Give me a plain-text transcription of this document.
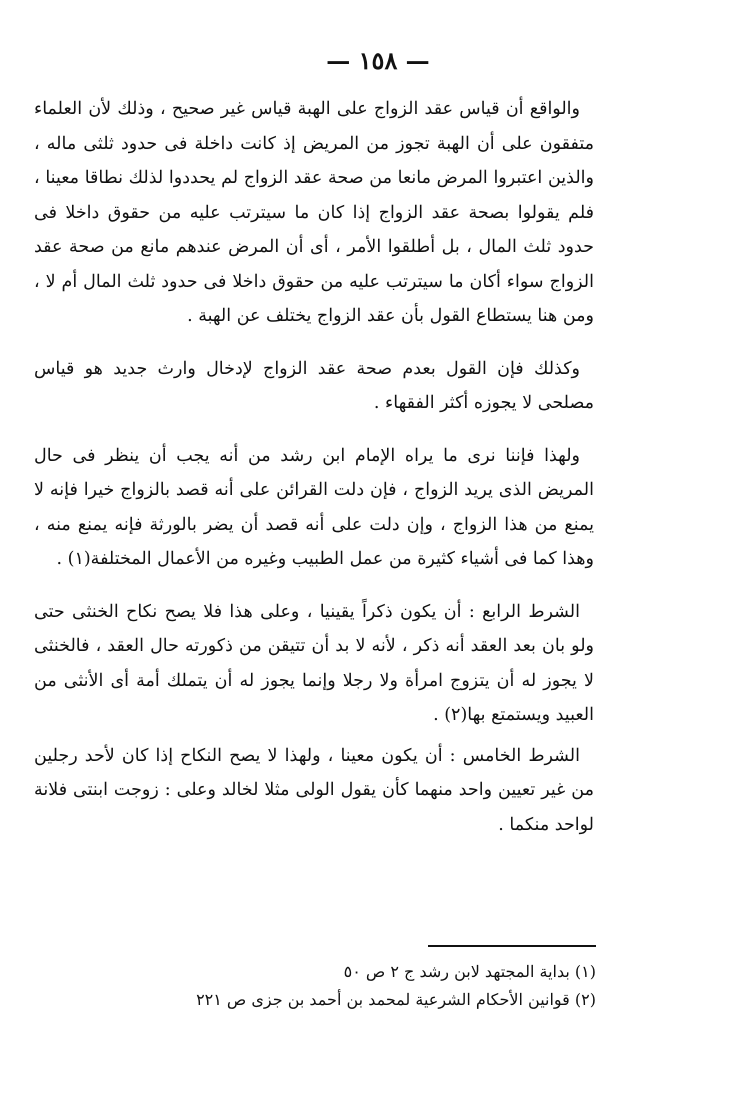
— ١٥٨ —

والواقع أن قياس عقد الزواج على الهبة قياس غير صحيح ، وذلك لأن العلماء متفقون على أن الهبة تجوز من المريض إذ كانت داخلة فى حدود ثلثى ماله ، والذين اعتبروا المرض مانعا من صحة عقد الزواج لم يحددوا لذلك نطاقا معينا ، فلم يقولوا بصحة عقد الزواج إذا كان ما سيترتب عليه من حقوق داخلا فى حدود ثلث المال ، بل أطلقوا الأمر ، أى أن المرض عندهم مانع من صحة عقد الزواج سواء أكان ما سيترتب عليه من حقوق داخلا فى حدود ثلث المال أم لا ، ومن هنا يستطاع القول بأن عقد الزواج يختلف عن الهبة .

وكذلك فإن القول بعدم صحة عقد الزواج لإدخال وارث جديد هو قياس مصلحى لا يجوزه أكثر الفقهاء .

ولهذا فإننا نرى ما يراه الإمام ابن رشد من أنه يجب أن ينظر فى حال المريض الذى يريد الزواج ، فإن دلت القرائن على أنه قصد بالزواج خيرا فإنه لا يمنع من هذا الزواج ، وإن دلت على أنه قصد أن يضر بالورثة فإنه يمنع منه ، وهذا كما فى أشياء كثيرة من عمل الطبيب وغيره من الأعمال المختلفة(١) .

الشرط الرابع : أن يكون ذكراً يقينيا ، وعلى هذا فلا يصح نكاح الخنثى حتى ولو بان بعد العقد أنه ذكر ، لأنه لا بد أن تتيقن من ذكورته حال العقد ، فالخنثى لا يجوز له أن يتزوج امرأة ولا رجلا وإنما يجوز له أن يتملك أمة أى الأنثى من العبيد ويستمتع بها(٢) .

الشرط الخامس : أن يكون معينا ، ولهذا لا يصح النكاح إذا كان لأحد رجلين من غير تعيين واحد منهما كأن يقول الولى مثلا لخالد وعلى : زوجت ابنتى فلانة لواحد منكما .

(١) بداية المجتهد لابن رشد ج ٢ ص ٥٠
(٢) قوانين الأحكام الشرعية لمحمد بن أحمد بن جزى ص ٢٢١
